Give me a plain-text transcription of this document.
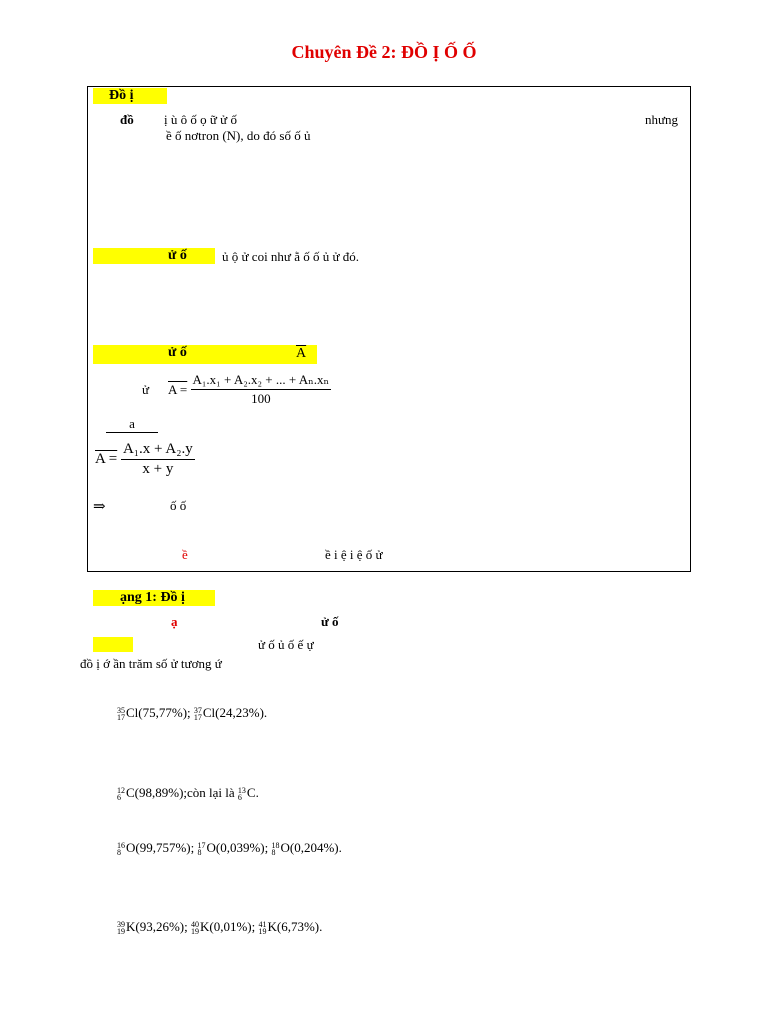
Chuyên Đề 2: ĐỒ Ị Ố Ố
Đồ ị
đồ ị ù ô ố ọ ữ ử ố	nhưng
ề ố nơtron (N), do đó số ố ủ
ử ố	ủ ộ ử coi như ằ ố ố ủ ử đó.
ử ố	$\overline{A}$
ử $A = \frac{\text{A₁.x₁ + A₂.x₂ + ... + Aₙ.xₙ}}{100}$
a
$A = \frac{\text{A₁.x + A₂.y}}{x + y}$
⇒	ố ố
ề	ề i ệ i ệ ố ử
ạng 1: Đồ ị
ạ	ử ố
ử ố ủ ố ế ự
đồ ị ớ ần trăm số ử tương ứ
35
17 Cl(75,77%); 37
17 Cl(24,23%).
12
6 C(98,89%);còn lại là 13
6 C.
16
8 O(99,757%); 17
8 O(0,039%); 18
8 O(0,204%).
39
19 K(93,26%); 40
19 K(0,01%); 41
19 K(6,73%).
